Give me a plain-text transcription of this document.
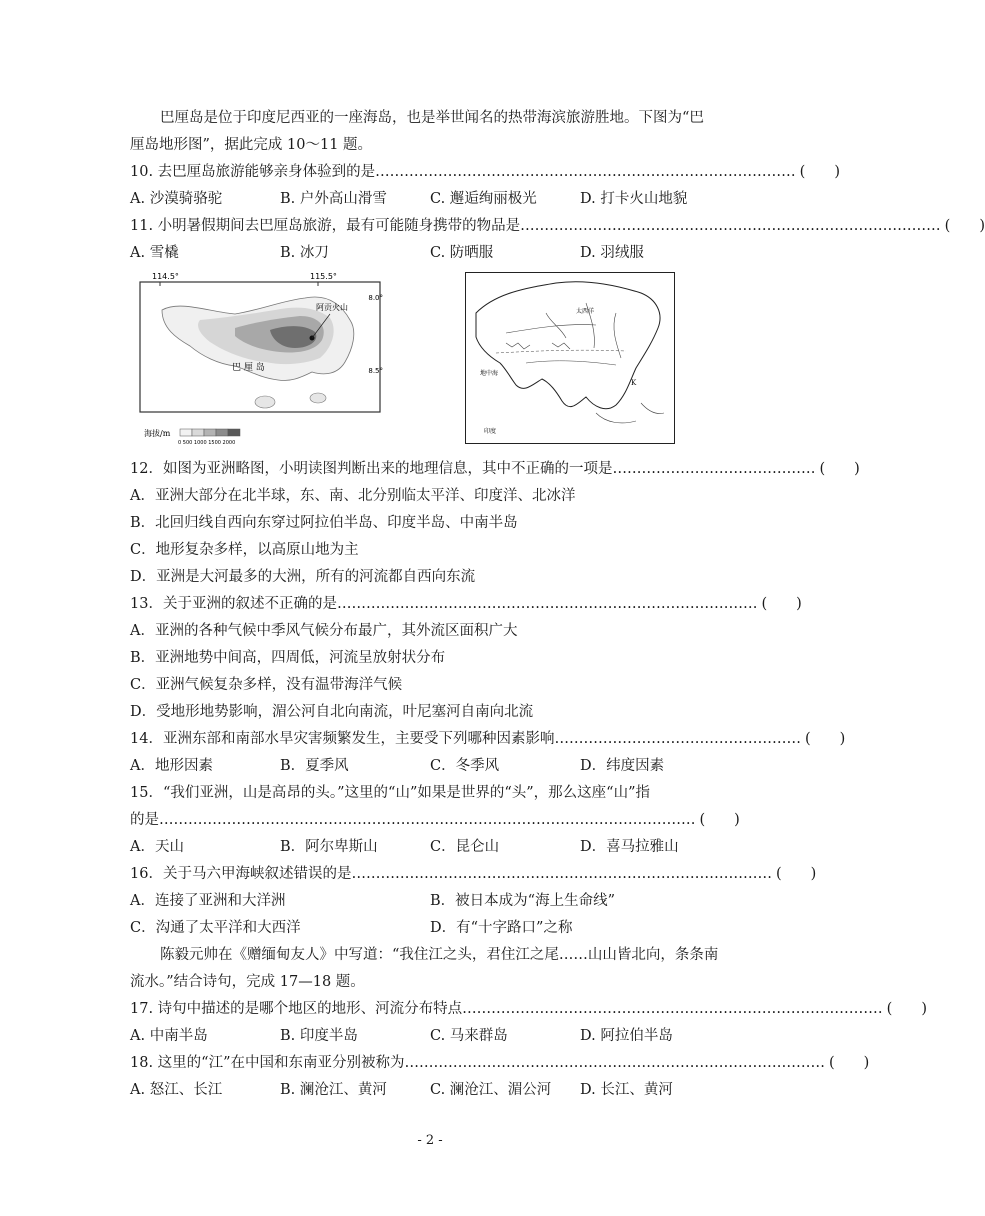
巴厘岛是位于印度尼西亚的一座海岛，也是举世闻名的热带海滨旅游胜地。下图为“巴
厘岛地形图”，据此完成 10～11 题。
10. 去巴厘岛旅游能够亲身体验到的是…………………………………………………………………………… (　　)
A. 沙漠骑骆驼	B. 户外高山滑雪	C. 邂逅绚丽极光	D. 打卡火山地貌
11. 小明暑假期间去巴厘岛旅游，最有可能随身携带的物品是…………………………………………………………………………… (　　)
A. 雪橇	B. 冰刀	C. 防晒服	D. 羽绒服
114.5°	115.5°
8.0°
8.5°
阿贡火山
巴 厘 岛
海拔/m
0 500 1000 1500 2000
太西洋
地中海
印度
K
12．如图为亚洲略图，小明读图判断出来的地理信息，其中不正确的一项是…………………………………… (　　)
A．亚洲大部分在北半球，东、南、北分别临太平洋、印度洋、北冰洋
B．北回归线自西向东穿过阿拉伯半岛、印度半岛、中南半岛
C．地形复杂多样，以高原山地为主
D．亚洲是大河最多的大洲，所有的河流都自西向东流
13．关于亚洲的叙述不正确的是…………………………………………………………………………… (　　)
A．亚洲的各种气候中季风气候分布最广，其外流区面积广大
B．亚洲地势中间高，四周低，河流呈放射状分布
C．亚洲气候复杂多样，没有温带海洋气候
D．受地形地势影响，湄公河自北向南流，叶尼塞河自南向北流
14．亚洲东部和南部水旱灾害频繁发生，主要受下列哪种因素影响…………………………………………… (　　)
A．地形因素	B．夏季风	C．冬季风	D．纬度因素
15．“我们亚洲，山是高昂的头。”这里的“山”如果是世界的“头”，那么这座“山”指
的是………………………………………………………………………………………………… (　　)
A．天山	B．阿尔卑斯山	C．昆仑山	D．喜马拉雅山
16．关于马六甲海峡叙述错误的是…………………………………………………………………………… (　　)
A．连接了亚洲和大洋洲	B．被日本成为“海上生命线”
C．沟通了太平洋和大西洋	D．有“十字路口”之称
陈毅元帅在《赠缅甸友人》中写道：“我住江之头，君住江之尾……山山皆北向，条条南
流水。”结合诗句，完成 17—18 题。
17. 诗句中描述的是哪个地区的地形、河流分布特点…………………………………………………………………………… (　　)
A. 中南半岛	B. 印度半岛	C. 马来群岛	D. 阿拉伯半岛
18. 这里的“江”在中国和东南亚分别被称为…………………………………………………………………………… (　　)
A. 怒江、长江	B. 澜沧江、黄河	C. 澜沧江、湄公河	D. 长江、黄河
- 2 -
